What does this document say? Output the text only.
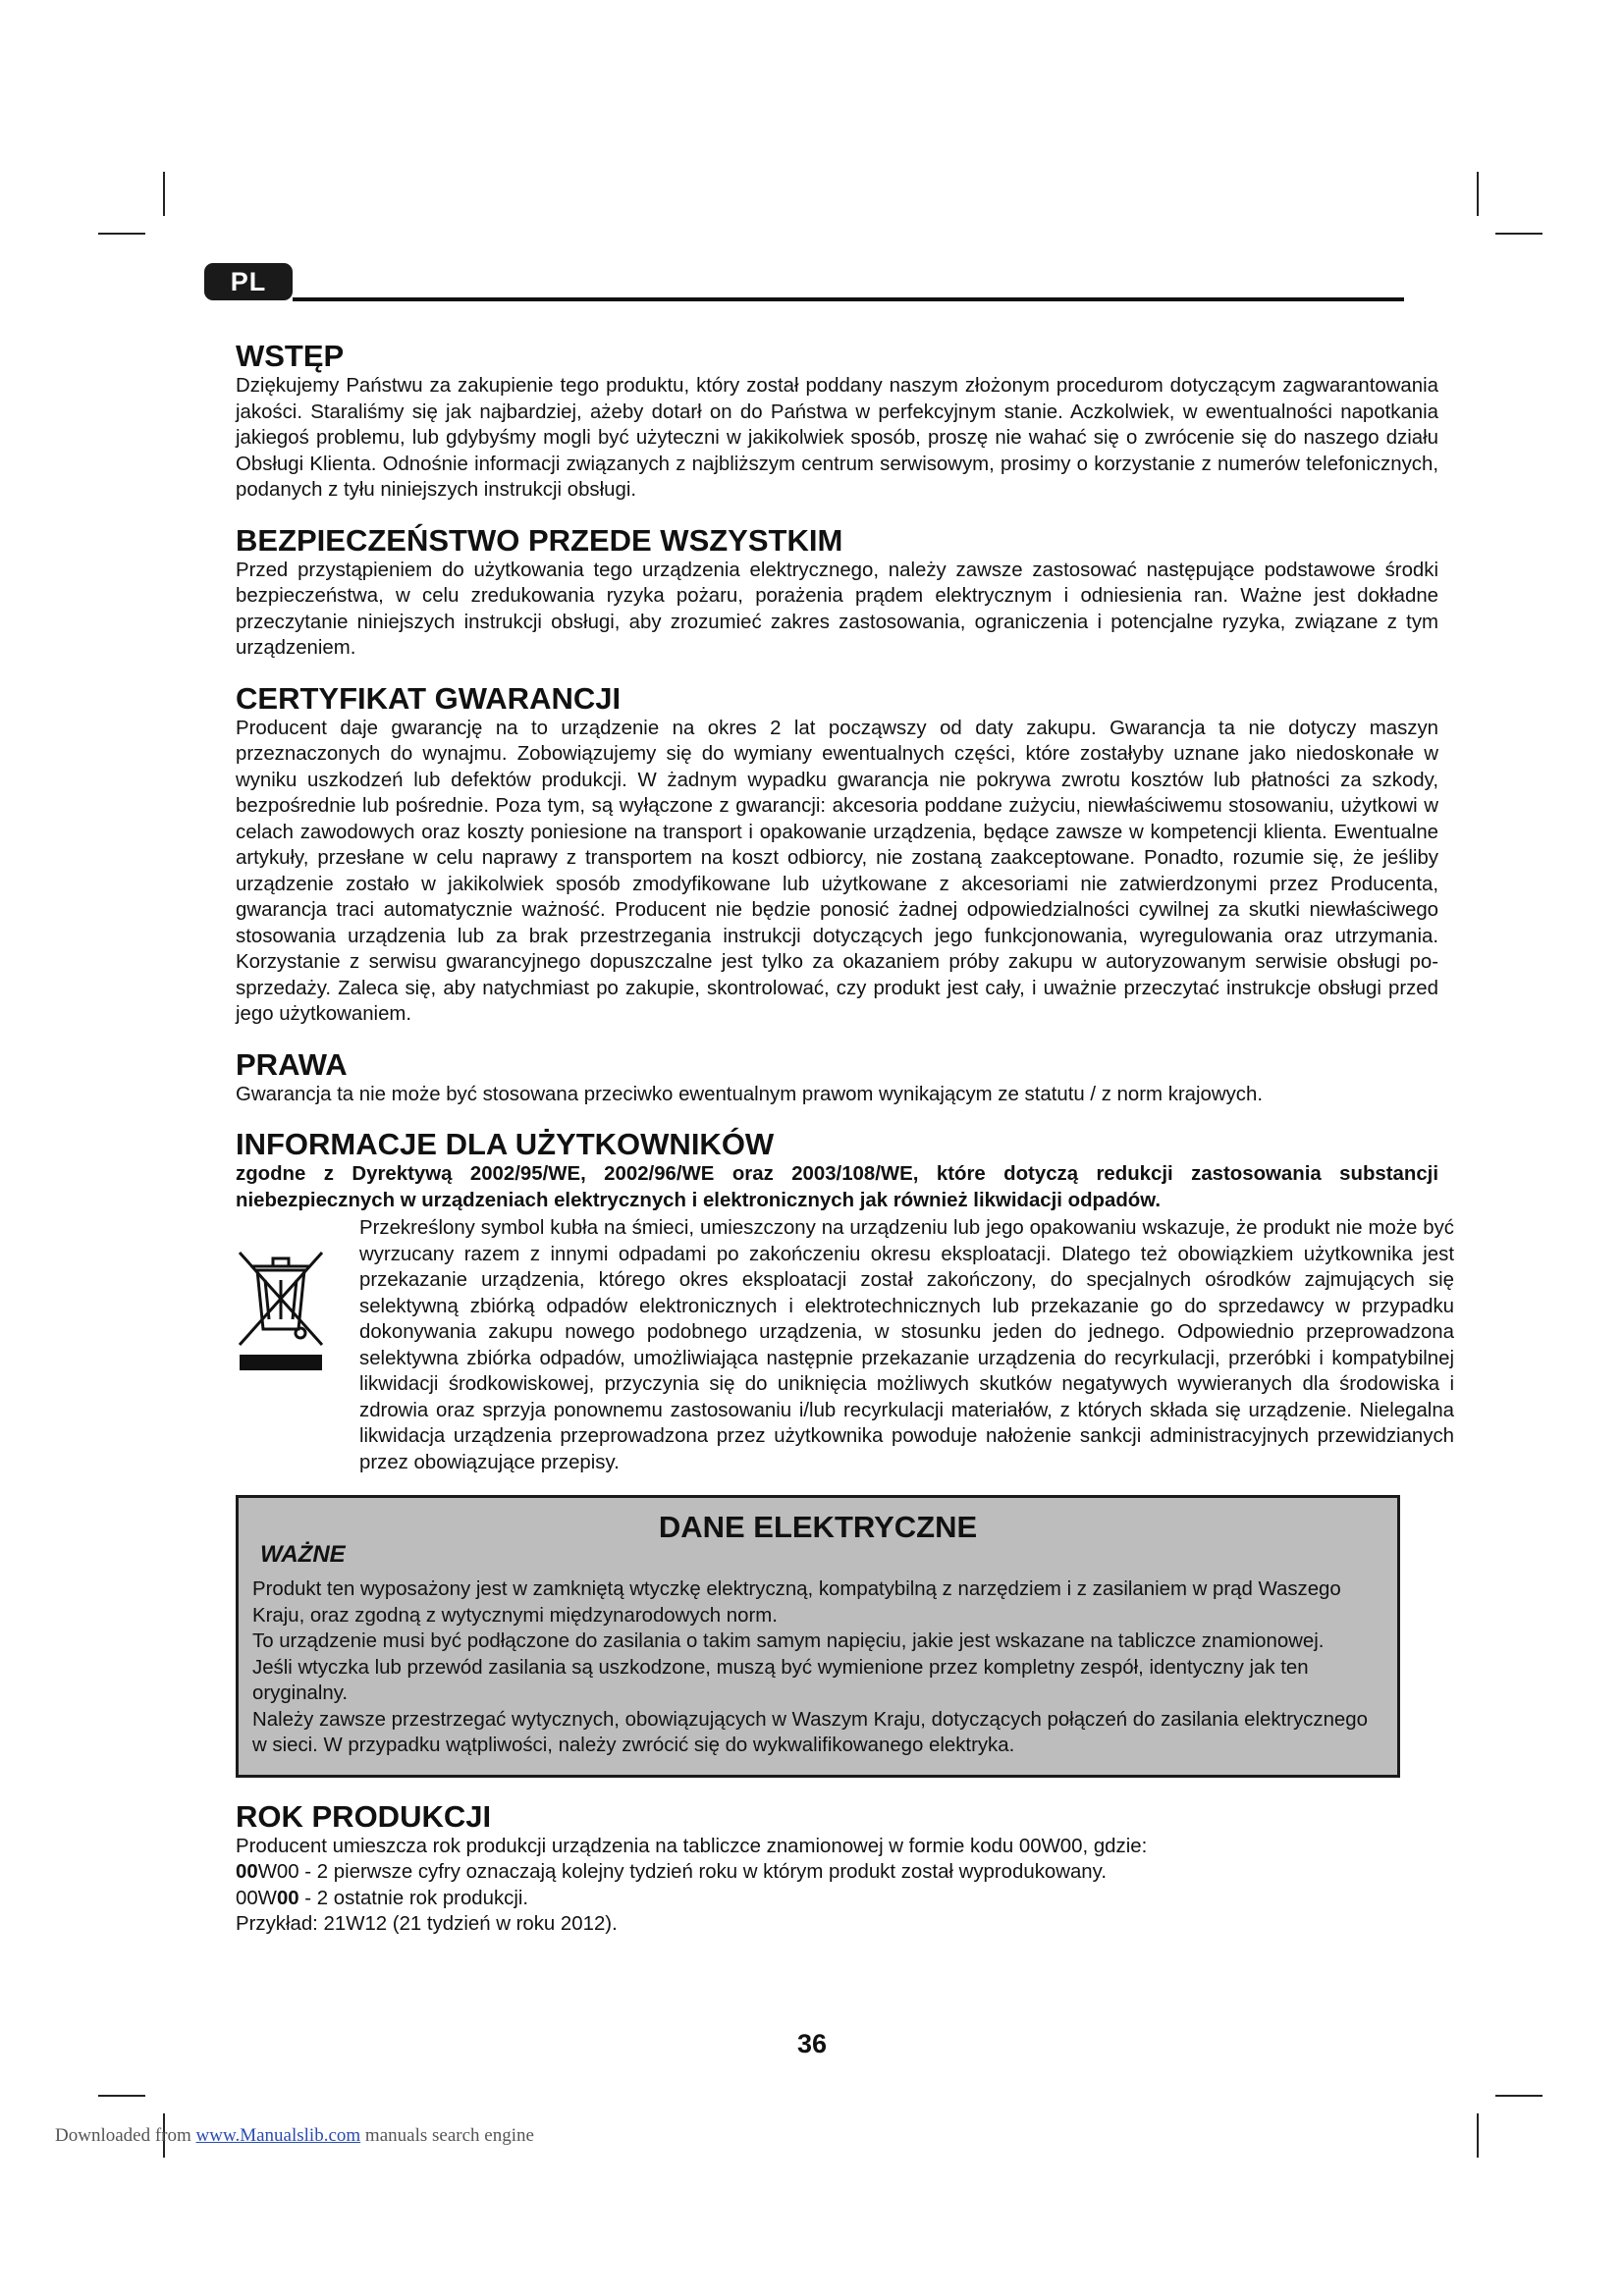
PL
WSTĘP

Dziękujemy Państwu za zakupienie tego produktu, który został poddany naszym złożonym procedurom dotyczącym zagwarantowania jakości. Staraliśmy się jak najbardziej, ażeby dotarł on do Państwa w perfekcyjnym stanie. Aczkolwiek, w ewentualności napotkania jakiegoś problemu, lub gdybyśmy mogli być użyteczni w jakikolwiek sposób, proszę nie wahać się o zwrócenie się do naszego działu Obsługi Klienta. Odnośnie informacji związanych z najbliższym centrum serwisowym, prosimy o korzystanie z numerów telefonicznych, podanych z tyłu niniejszych instrukcji obsługi.

BEZPIECZEŃSTWO PRZEDE WSZYSTKIM

Przed przystąpieniem do użytkowania tego urządzenia elektrycznego, należy zawsze zastosować następujące podstawowe środki bezpieczeństwa, w celu zredukowania ryzyka pożaru, porażenia prądem elektrycznym i odniesienia ran. Ważne jest dokładne przeczytanie niniejszych instrukcji obsługi, aby zrozumieć zakres zastosowania, ograniczenia i potencjalne ryzyka, związane z tym urządzeniem.

CERTYFIKAT GWARANCJI

Producent daje gwarancję na to urządzenie na okres 2 lat począwszy od daty zakupu. Gwarancja ta nie dotyczy maszyn przeznaczonych do wynajmu. Zobowiązujemy się do wymiany ewentualnych części, które zostałyby uznane jako niedoskonałe w wyniku uszkodzeń lub defektów produkcji. W żadnym wypadku gwarancja nie pokrywa zwrotu kosztów lub płatności za szkody, bezpośrednie lub pośrednie. Poza tym, są wyłączone z gwarancji: akcesoria poddane zużyciu, niewłaściwemu stosowaniu, użytkowi w celach zawodowych oraz koszty poniesione na transport i opakowanie urządzenia, będące zawsze w kompetencji klienta. Ewentualne artykuły, przesłane w celu naprawy z transportem na koszt odbiorcy, nie zostaną zaakceptowane. Ponadto, rozumie się, że jeśliby urządzenie zostało w jakikolwiek sposób zmodyfikowane lub użytkowane z akcesoriami nie zatwierdzonymi przez Producenta, gwarancja traci automatycznie ważność. Producent nie będzie ponosić żadnej odpowiedzialności cywilnej za skutki niewłaściwego stosowania urządzenia lub za brak przestrzegania instrukcji dotyczących jego funkcjonowania, wyregulowania oraz utrzymania. Korzystanie z serwisu gwarancyjnego dopuszczalne jest tylko za okazaniem próby zakupu w autoryzowanym serwisie obsługi po-sprzedaży. Zaleca się, aby natychmiast po zakupie, skontrolować, czy produkt jest cały, i uważnie przeczytać instrukcje obsługi przed jego użytkowaniem.

PRAWA

Gwarancja ta nie może być stosowana przeciwko ewentualnym prawom wynikającym ze statutu / z norm krajowych.

INFORMACJE DLA UŻYTKOWNIKÓW

zgodne z Dyrektywą 2002/95/WE, 2002/96/WE oraz 2003/108/WE, które dotyczą redukcji zastosowania substancji niebezpiecznych w urządzeniach elektrycznych i elektronicznych jak również likwidacji odpadów.

Przekreślony symbol kubła na śmieci, umieszczony na urządzeniu lub jego opakowaniu wskazuje, że produkt nie może być wyrzucany razem z innymi odpadami po zakończeniu okresu eksploatacji. Dlatego też obowiązkiem użytkownika jest przekazanie urządzenia, którego okres eksploatacji został zakończony, do specjalnych ośrodków zajmujących się selektywną zbiórką odpadów elektronicznych i elektrotechnicznych lub przekazanie go do sprzedawcy w przypadku dokonywania zakupu nowego podobnego urządzenia, w stosunku jeden do jednego. Odpowiednio przeprowadzona selektywna zbiórka odpadów, umożliwiająca następnie przekazanie urządzenia do recyrkulacji, przeróbki i kompatybilnej likwidacji środkowiskowej, przyczynia się do uniknięcia możliwych skutków negatywych wywieranych dla środowiska i zdrowia oraz sprzyja ponownemu zastosowaniu i/lub recyrkulacji materiałów, z których składa się urządzenie. Nielegalna likwidacja urządzenia przeprowadzona przez użytkownika powoduje nałożenie sankcji administracyjnych przewidzianych przez obowiązujące przepisy.

DANE ELEKTRYCZNE
WAŻNE

Produkt ten wyposażony jest w zamkniętą wtyczkę elektryczną, kompatybilną z narzędziem i z zasilaniem w prąd Waszego Kraju, oraz zgodną z wytycznymi międzynarodowych norm.

To urządzenie musi być podłączone do zasilania o takim samym napięciu, jakie jest wskazane na tabliczce znamionowej.

Jeśli wtyczka lub przewód zasilania są uszkodzone, muszą być wymienione przez kompletny zespół, identyczny jak ten oryginalny.

Należy zawsze przestrzegać wytycznych, obowiązujących w Waszym Kraju, dotyczących połączeń do zasilania elektrycznego w sieci. W przypadku wątpliwości, należy zwrócić się do wykwalifikowanego elektryka.

ROK PRODUKCJI

Producent umieszcza rok produkcji urządzenia na tabliczce znamionowej w formie kodu 00W00, gdzie:

00W00 - 2 pierwsze cyfry oznaczają kolejny tydzień roku w którym produkt został wyprodukowany.

00W00 - 2 ostatnie rok produkcji.

Przykład: 21W12 (21 tydzień w roku 2012).

36
Downloaded from www.Manualslib.com manuals search engine
